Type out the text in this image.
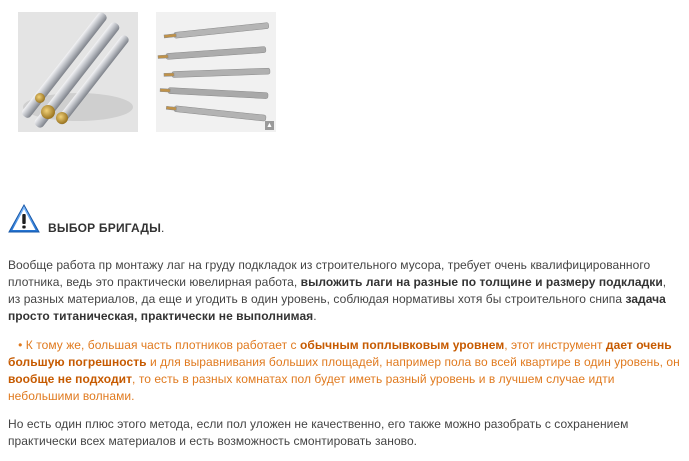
▲
ВЫБОР БРИГАДЫ.

Вообще работа пр монтажу лаг на груду подкладок из строительного мусора, требует очень квалифицированного плотника, ведь это практически ювелирная работа, выложить лаги на разные по толщине и размеру подкладки, из разных материалов, да еще и угодить в один уровень, соблюдая нормативы хотя бы строительного снипа задача просто титаническая, практически не выполнимая.

• К тому же, большая часть плотников работает с обычным поплывковым уровнем, этот инструмент дает очень большую погрешность и для выравнивания больших площадей, например пола во всей квартире в один уровень, он вообще не подходит, то есть в разных комнатах пол будет иметь разный уровень и в лучшем случае идти небольшими волнами.

Но есть один плюс этого метода, если пол уложен не качественно, его также можно разобрать с сохранением практически всех материалов и есть возможность смонтировать заново.
